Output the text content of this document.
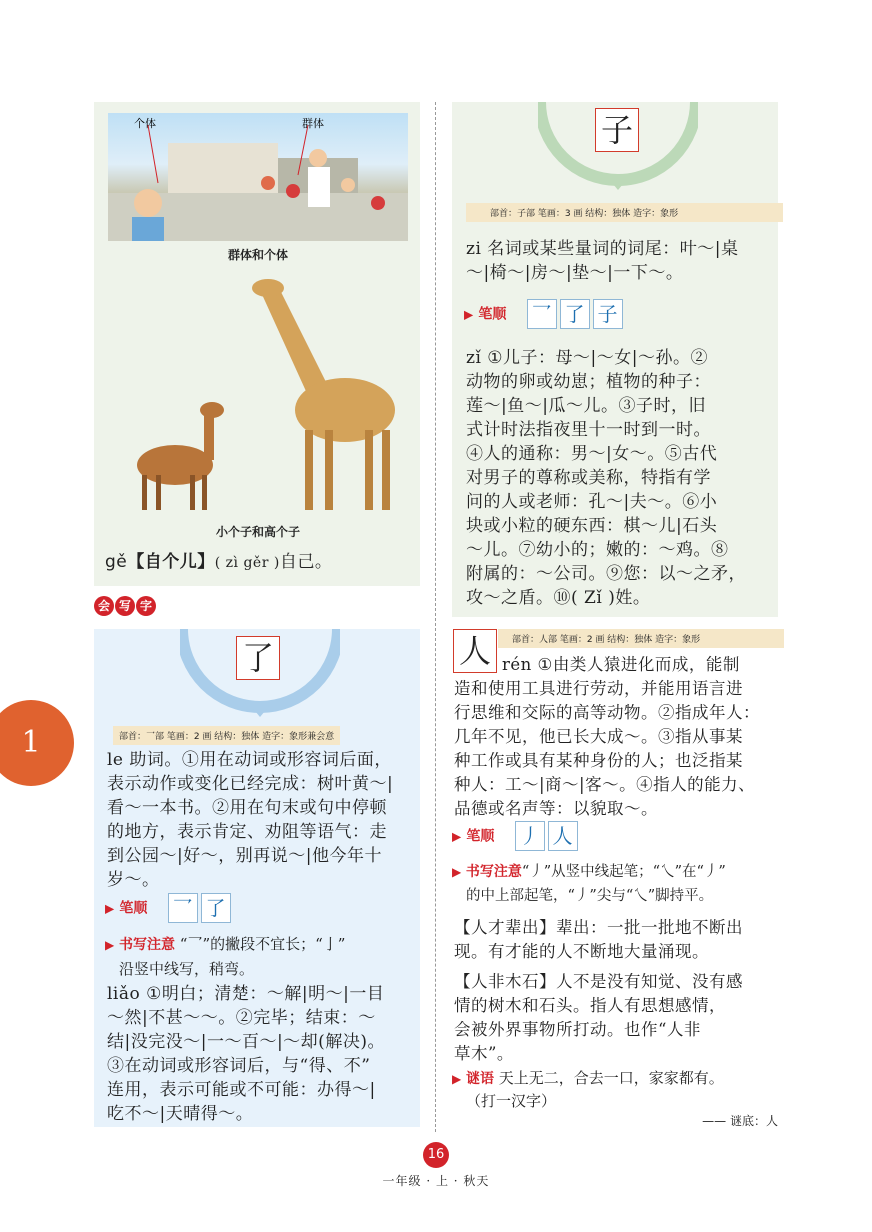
个体	群体
群体和个体
小个子和高个子
gě【自个儿】( zì gěr )自己。
会 写 字
1
了
部首：乛部 笔画：2 画 结构：独体 造字：象形兼会意
le 助词。①用在动词或形容词后面，
表示动作或变化已经完成：树叶黄～|
看～一本书。②用在句末或句中停顿
的地方，表示肯定、劝阻等语气：走
到公园～|好～，别再说～|他今年十
岁～。
▶ 笔顺 乛 了
▶ 书写注意 “乛”的撇段不宜长；“亅”
沿竖中线写，稍弯。
liǎo ①明白；清楚：～解|明～|一目
～然|不甚～～。②完毕；结束：～
结|没完没～|一～百～|～却(解决)。
③在动词或形容词后，与“得、不”
连用，表示可能或不可能：办得～|
吃不～|天晴得～。
子
部首：子部 笔画：3 画 结构：独体 造字：象形
zi 名词或某些量词的词尾：叶～|桌
～|椅～|房～|垫～|一下～。
▶ 笔顺 乛 了 子
zǐ ①儿子：母～|～女|～孙。②
动物的卵或幼崽；植物的种子：
莲～|鱼～|瓜～儿。③子时，旧
式计时法指夜里十一时到一时。
④人的通称：男～|女～。⑤古代
对男子的尊称或美称，特指有学
问的人或老师：孔～|夫～。⑥小
块或小粒的硬东西：棋～儿|石头
～儿。⑦幼小的；嫩的：～鸡。⑧
附属的：～公司。⑨您：以～之矛，
攻～之盾。⑩( Zǐ )姓。
人	部首：人部 笔画：2 画 结构：独体 造字：象形
rén ①由类人猿进化而成，能制
造和使用工具进行劳动，并能用语言进
行思维和交际的高等动物。②指成年人：
几年不见，他已长大成～。③指从事某
种工作或具有某种身份的人；也泛指某
种人：工～|商～|客～。④指人的能力、
品德或名声等：以貌取～。
▶ 笔顺 丿 人
▶ 书写注意“丿”从竖中线起笔；“乀”在“丿”
的中上部起笔，“丿”尖与“乀”脚持平。
【人才辈出】辈出：一批一批地不断出
现。有才能的人不断地大量涌现。
【人非木石】人不是没有知觉、没有感
情的树木和石头。指人有思想感情，
会被外界事物所打动。也作“人非
草木”。
▶ 谜语 天上无二，合去一口，家家都有。
（打一汉字）
—— 谜底：人
16
一年级 · 上 · 秋天
